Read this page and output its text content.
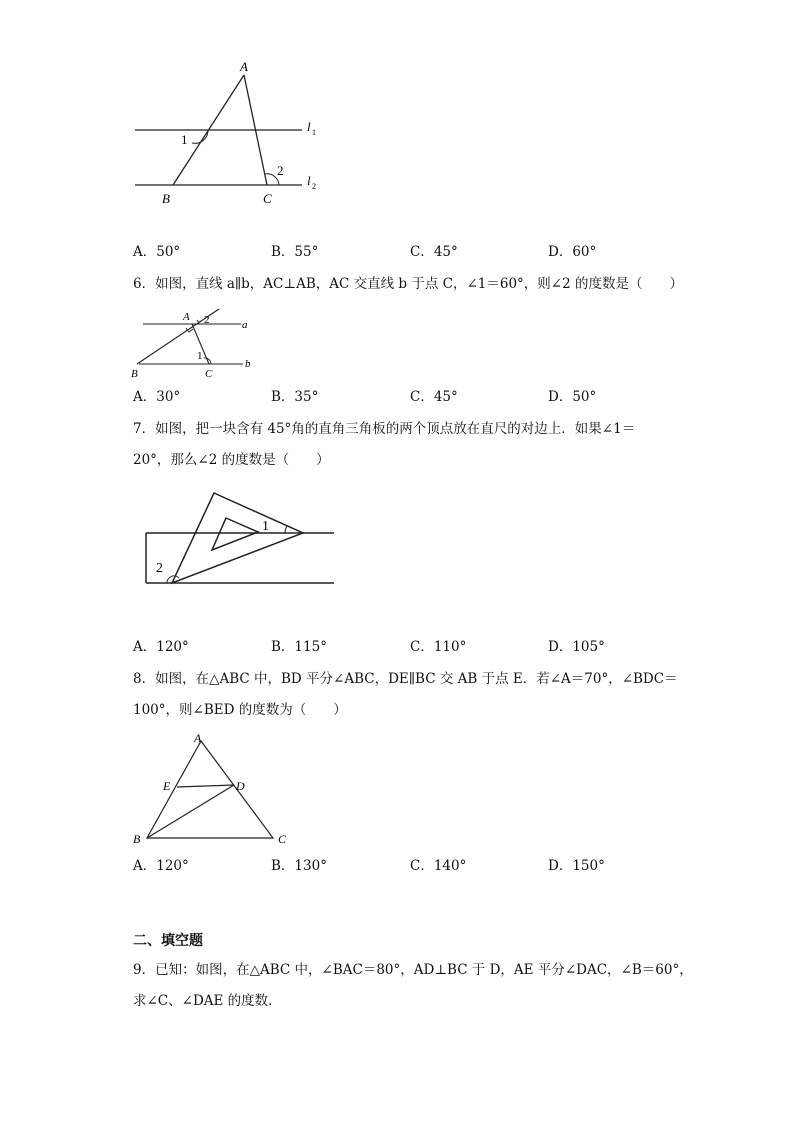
A
B	C
1
2
l 1
l 2
A．50°	B．55°	C．45°	D．60°
6．如图，直线 a∥b，AC⊥AB，AC 交直线 b 于点 C，∠1＝60°，则∠2 的度数是（　　）
A 2	a
1
b
B	C
A．30°	B．35°	C．45°	D．50°
7．如图，把一块含有 45°角的直角三角板的两个顶点放在直尺的对边上．如果∠1＝
20°，那么∠2 的度数是（　　）
1
2
A．120°	B．115°	C．110°	D．105°
8．如图，在△ABC 中，BD 平分∠ABC，DE∥BC 交 AB 于点 E．若∠A＝70°，∠BDC＝
100°，则∠BED 的度数为（　　）
A
E	D
B	C
A．120°	B．130°	C．140°	D．150°
二、填空题
9．已知：如图，在△ABC 中，∠BAC＝80°，AD⊥BC 于 D，AE 平分∠DAC，∠B＝60°，
求∠C、∠DAE 的度数．
